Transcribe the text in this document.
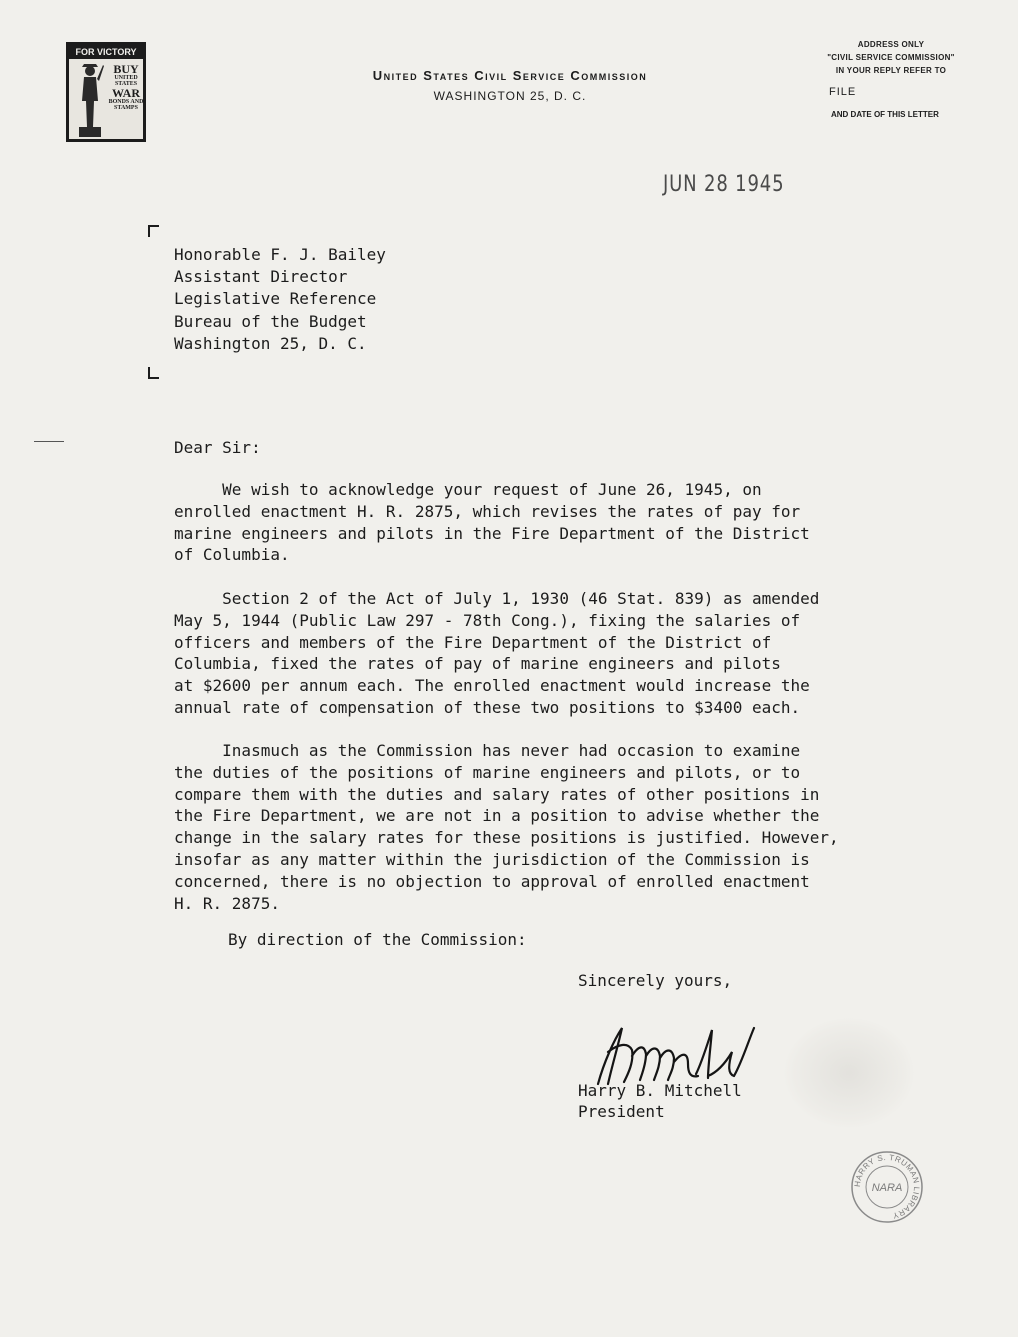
FOR VICTORY
BUY
UNITED STATES
WAR
BONDS AND STAMPS
United States Civil Service Commission
WASHINGTON 25, D. C.
ADDRESS ONLY
"CIVIL SERVICE COMMISSION"
IN YOUR REPLY REFER TO
FILE
AND DATE OF THIS LETTER
JUN 28 1945
Honorable F. J. Bailey
Assistant Director
Legislative Reference
Bureau of the Budget
Washington 25, D. C.
Dear Sir:
We wish to acknowledge your request of June 26, 1945, on
enrolled enactment H. R. 2875, which revises the rates of pay for
marine engineers and pilots in the Fire Department of the District
of Columbia.
Section 2 of the Act of July 1, 1930 (46 Stat. 839) as amended
May 5, 1944 (Public Law 297 - 78th Cong.), fixing the salaries of
officers and members of the Fire Department of the District of
Columbia, fixed the rates of pay of marine engineers and pilots
at $2600 per annum each. The enrolled enactment would increase the
annual rate of compensation of these two positions to $3400 each.
Inasmuch as the Commission has never had occasion to examine
the duties of the positions of marine engineers and pilots, or to
compare them with the duties and salary rates of other positions in
the Fire Department, we are not in a position to advise whether the
change in the salary rates for these positions is justified. However,
insofar as any matter within the jurisdiction of the Commission is
concerned, there is no objection to approval of enrolled enactment
H. R. 2875.
By direction of the Commission:
Sincerely yours,
Harry B. Mitchell
President
HARRY S. TRUMAN LIBRARY
NARA
